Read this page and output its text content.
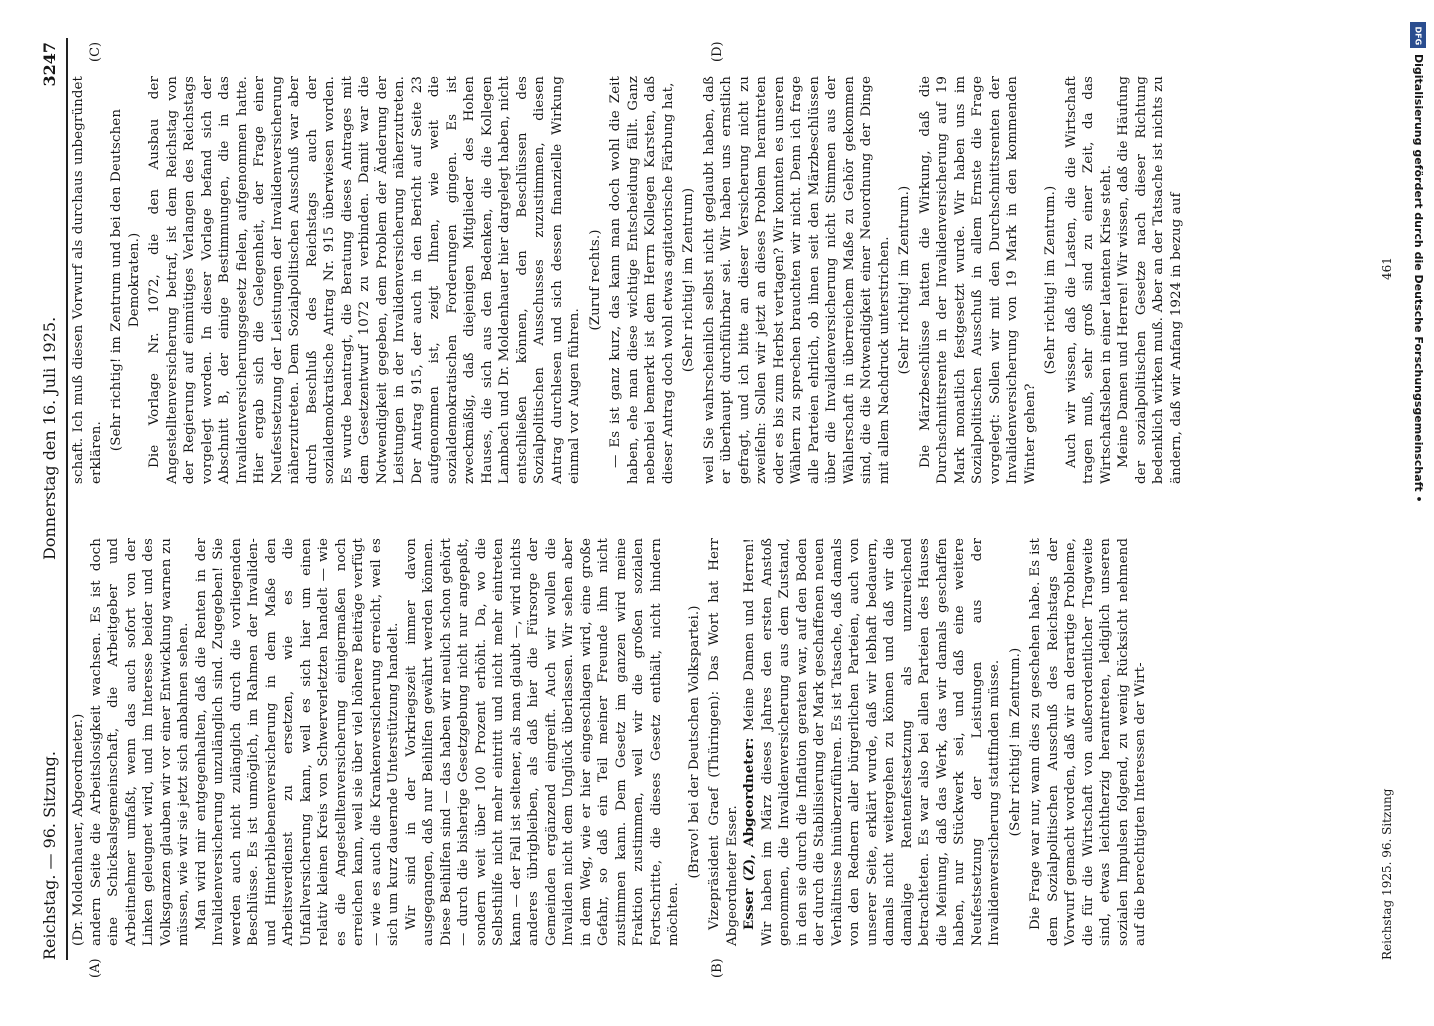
Reichstag. — 96. Sitzung.
Donnerstag den 16. Juli 1925.
3247

(Dr. Moldenhauer, Abgeordneter.) andern Seite die Arbeitslosigkeit wachsen. Es ist doch eine Schicksalsgemeinschaft, die Arbeitgeber und Arbeitnehmer umfaßt, wenn das auch sofort von der Linken geleugnet wird, und im Interesse beider und des Volksganzen glauben wir vor einer Entwicklung warnen zu müssen, wie wir sie jetzt sich anbahnen sehen. Man wird mir entgegenhalten, daß die Renten in der Invalidenversicherung unzulänglich sind. Zugegeben! Sie werden auch nicht zulänglich durch die vorliegenden Beschlüsse. Es ist unmöglich, im Rahmen der Invaliden- und Hinterbliebenenversicherung in dem Maße den Arbeitsverdienst zu ersetzen, wie es die Unfallversicherung kann, weil es sich hier um einen relativ kleinen Kreis von Schwerverletzten handelt — wie es die Angestelltenversicherung einigermaßen noch erreichen kann, weil sie über viel höhere Beiträge verfügt — wie es auch die Krankenversicherung erreicht, weil es sich um kurz dauernde Unterstützung handelt. Wir sind in der Vorkriegszeit immer davon ausgegangen, daß nur Beihilfen gewährt werden können. Diese Beihilfen sind — das haben wir neulich schon gehört — durch die bisherige Gesetzgebung nicht nur angepaßt, sondern weit über 100 Prozent erhöht. Da, wo die Selbsthilfe nicht mehr eintritt und nicht mehr eintreten kann — der Fall ist seltener, als man glaubt —, wird nichts anderes übrigbleiben, als daß hier die Fürsorge der Gemeinden ergänzend eingreift. Auch wir wollen die Invaliden nicht dem Unglück überlassen. Wir sehen aber in dem Weg, wie er hier eingeschlagen wird, eine große Gefahr, so daß ein Teil meiner Freunde ihm nicht zustimmen kann. Dem Gesetz im ganzen wird meine Fraktion zustimmen, weil wir die großen sozialen Fortschritte, die dieses Gesetz enthält, nicht hindern möchten.

(Bravo! bei der Deutschen Volkspartei.) Vizepräsident Graef (Thüringen): Das Wort hat Herr Abgeordneter Esser. Esser (Z), Abgeordneter: Meine Damen und Herren! Wir haben im März dieses Jahres den ersten Anstoß genommen, die Invalidenversicherung aus dem Zustand, in den sie durch die Inflation geraten war, auf den Boden der durch die Stabilisierung der Mark geschaffenen neuen Verhältnisse hinüberzuführen. Es ist Tatsache, daß damals von den Rednern aller bürgerlichen Parteien, auch von unserer Seite, erklärt wurde, daß wir lebhaft bedauern, damals nicht weitergehen zu können und daß wir die damalige Rentenfestsetzung als unzureichend betrachteten. Es war also bei allen Parteien des Hauses die Meinung, daß das Werk, das wir damals geschaffen haben, nur Stückwerk sei, und daß eine weitere Neufestsetzung der Leistungen aus der Invalidenversicherung stattfinden müsse. (Sehr richtig! im Zentrum.) Die Frage war nur, wann dies zu geschehen habe. Es ist dem Sozialpolitischen Ausschuß des Reichstags der Vorwurf gemacht worden, daß wir an derartige Probleme, die für die Wirtschaft von außerordentlicher Tragweite sind, etwas leichtherzig herantreten, lediglich unseren sozialen Impulsen folgend, zu wenig Rücksicht nehmend auf die berechtigten Interessen der Wirt-

schaft. Ich muß diesen Vorwurf als durchaus unbegründet erklären.

(Sehr richtig! im Zentrum und bei den Deutschen Demokraten.) Die Vorlage Nr. 1072, die den Ausbau der Angestelltenversicherung betraf, ist dem Reichstag von der Regierung auf einmütiges Verlangen des Reichstags vorgelegt worden. In dieser Vorlage befand sich der Abschnitt B, der einige Bestimmungen, die in das Invalidenversicherungsgesetz fielen, aufgenommen hatte. Hier ergab sich die Gelegenheit, der Frage einer Neufestsetzung der Leistungen der Invalidenversicherung näherzutreten. Dem Sozialpolitischen Ausschuß war aber durch Beschluß des Reichstags auch der sozialdemokratische Antrag Nr. 915 überwiesen worden. Es wurde beantragt, die Beratung dieses Antrages mit dem Gesetzentwurf 1072 zu verbinden. Damit war die Notwendigkeit gegeben, dem Problem der Änderung der Leistungen in der Invalidenversicherung näherzutreten. Der Antrag 915, der auch in den Bericht auf Seite 23 aufgenommen ist, zeigt Ihnen, wie weit die sozialdemokratischen Forderungen gingen. Es ist zweckmäßig, daß diejenigen Mitglieder des Hohen Hauses, die sich aus den Bedenken, die die Kollegen Lambach und Dr. Moldenhauer hier dargelegt haben, nicht entschließen können, den Beschlüssen des Sozialpolitischen Ausschusses zuzustimmen, diesen Antrag durchlesen und sich dessen finanzielle Wirkung einmal vor Augen führen.

(Zuruf rechts.) — Es ist ganz kurz, das kann man doch wohl die Zeit haben, ehe man diese wichtige Entscheidung fällt. Ganz nebenbei bemerkt ist dem Herrn Kollegen Karsten, daß dieser Antrag doch wohl etwas agitatorische Färbung hat, (Sehr richtig! im Zentrum) weil Sie wahrscheinlich selbst nicht geglaubt haben, daß er überhaupt durchführbar sei. Wir haben uns ernstlich gefragt, und ich bitte an dieser Versicherung nicht zu zweifeln: Sollen wir jetzt an dieses Problem herantreten oder es bis zum Herbst vertagen? Wir konnten es unseren Wählern zu sprechen brauchten wir nicht. Denn ich frage alle Parteien ehrlich, ob ihnen seit den Märzbeschlüssen über die Invalidenversicherung nicht Stimmen aus der Wählerschaft in überreichem Maße zu Gehör gekommen sind, die die Notwendigkeit einer Neuordnung der Dinge mit allem Nachdruck unterstrichen. (Sehr richtig! im Zentrum.) Die Märzbeschlüsse hatten die Wirkung, daß die Durchschnittsrente in der Invalidenversicherung auf 19 Mark monatlich festgesetzt wurde. Wir haben uns im Sozialpolitischen Ausschuß in allem Ernste die Frage vorgelegt: Sollen wir mit den Durchschnittsrenten der Invalidenversicherung von 19 Mark in den kommenden Winter gehen?

(Sehr richtig! im Zentrum.) Auch wir wissen, daß die Lasten, die die Wirtschaft tragen muß, sehr groß sind zu einer Zeit, da das Wirtschaftsleben in einer latenten Krise steht. Meine Damen und Herren! Wir wissen, daß die Häufung der sozialpolitischen Gesetze nach dieser Richtung bedenklich wirken muß. Aber an der Tatsache ist nichts zu ändern, daß wir Anfang 1924 in bezug auf

(A)	(B)
(C)	(D)
Reichstag 1925. 96. Sitzung
461
DFG
Digitalisierung gefördert durch die Deutsche Forschungsgemeinschaft •
